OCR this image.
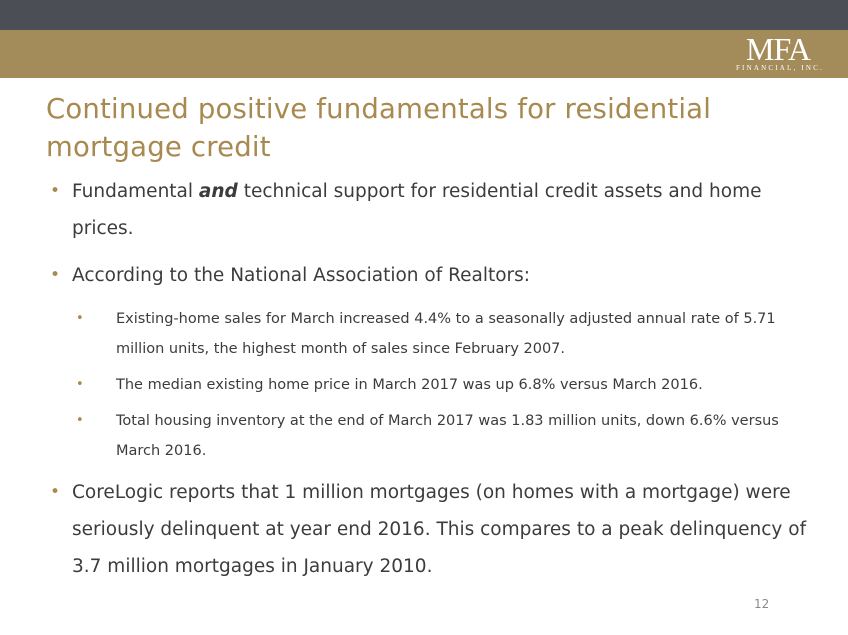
MFA
FINANCIAL, INC.
Continued positive fundamentals for residential mortgage credit
• Fundamental and technical support for residential credit assets and home prices.
• According to the National Association of Realtors:
• Existing-home sales for March increased 4.4% to a seasonally adjusted annual rate of 5.71 million units, the highest month of sales since February 2007.
• The median existing home price in March 2017 was up 6.8% versus March 2016.
• Total housing inventory at the end of March 2017 was 1.83 million units, down 6.6% versus March 2016.
• CoreLogic reports that 1 million mortgages (on homes with a mortgage) were seriously delinquent at year end 2016. This compares to a peak delinquency of 3.7 million mortgages in January 2010.
12
